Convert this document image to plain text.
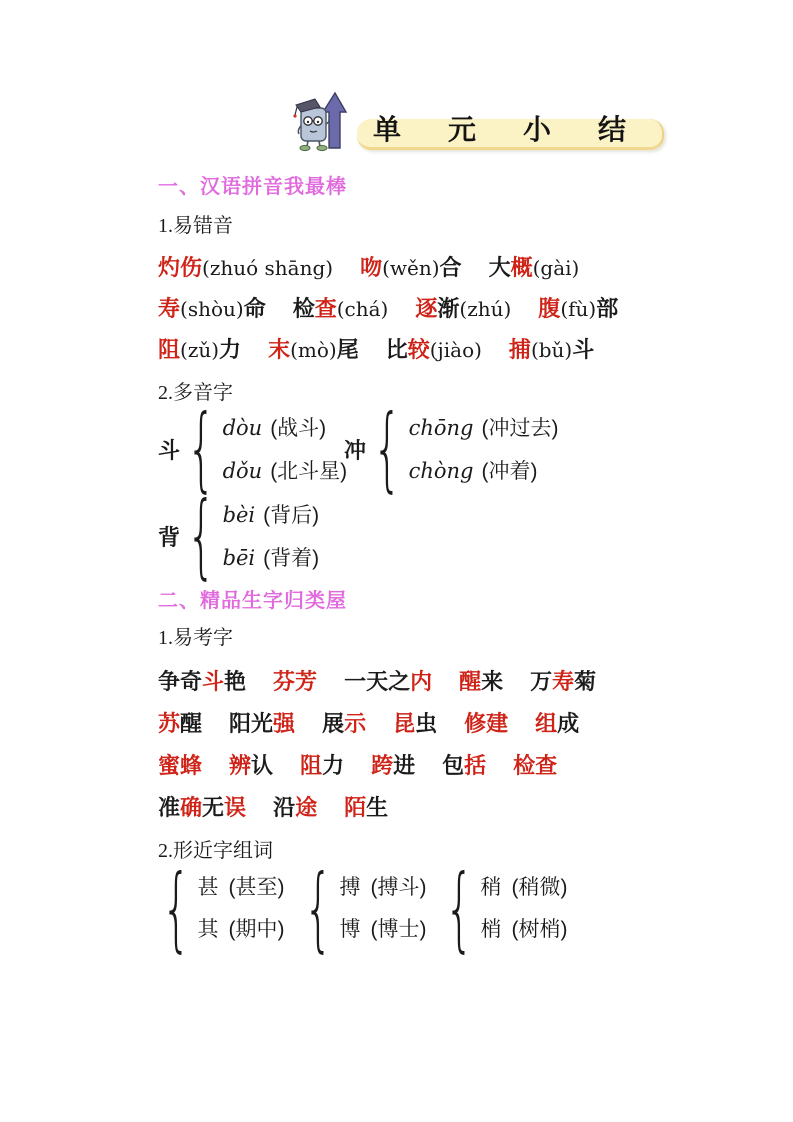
单 元 小 结
一、汉语拼音我最棒
1.易错音
灼伤(zhuó shāng) 吻(wěn)合 大概(gài)
寿(shòu)命 检查(chá) 逐渐(zhú) 腹(fù)部
阻(zǔ)力 末(mò)尾 比较(jiào) 捕(bǔ)斗
2.多音字
斗 { dòu (战斗)
dǒu (北斗星)
冲 { chōng (冲过去)
chòng (冲着)
背 { bèi (背后)
bēi (背着)
二、精品生字归类屋
1.易考字
争奇斗艳 芬芳 一天之内 醒来 万寿菊
苏醒 阳光强 展示 昆虫 修建 组成
蜜蜂 辨认 阻力 跨进 包括 检查
准确无误 沿途 陌生
2.形近字组词
{ 甚 (甚至)
其 (期中) { 搏 (搏斗)
博 (博士) { 稍 (稍微)
梢 (树梢)
